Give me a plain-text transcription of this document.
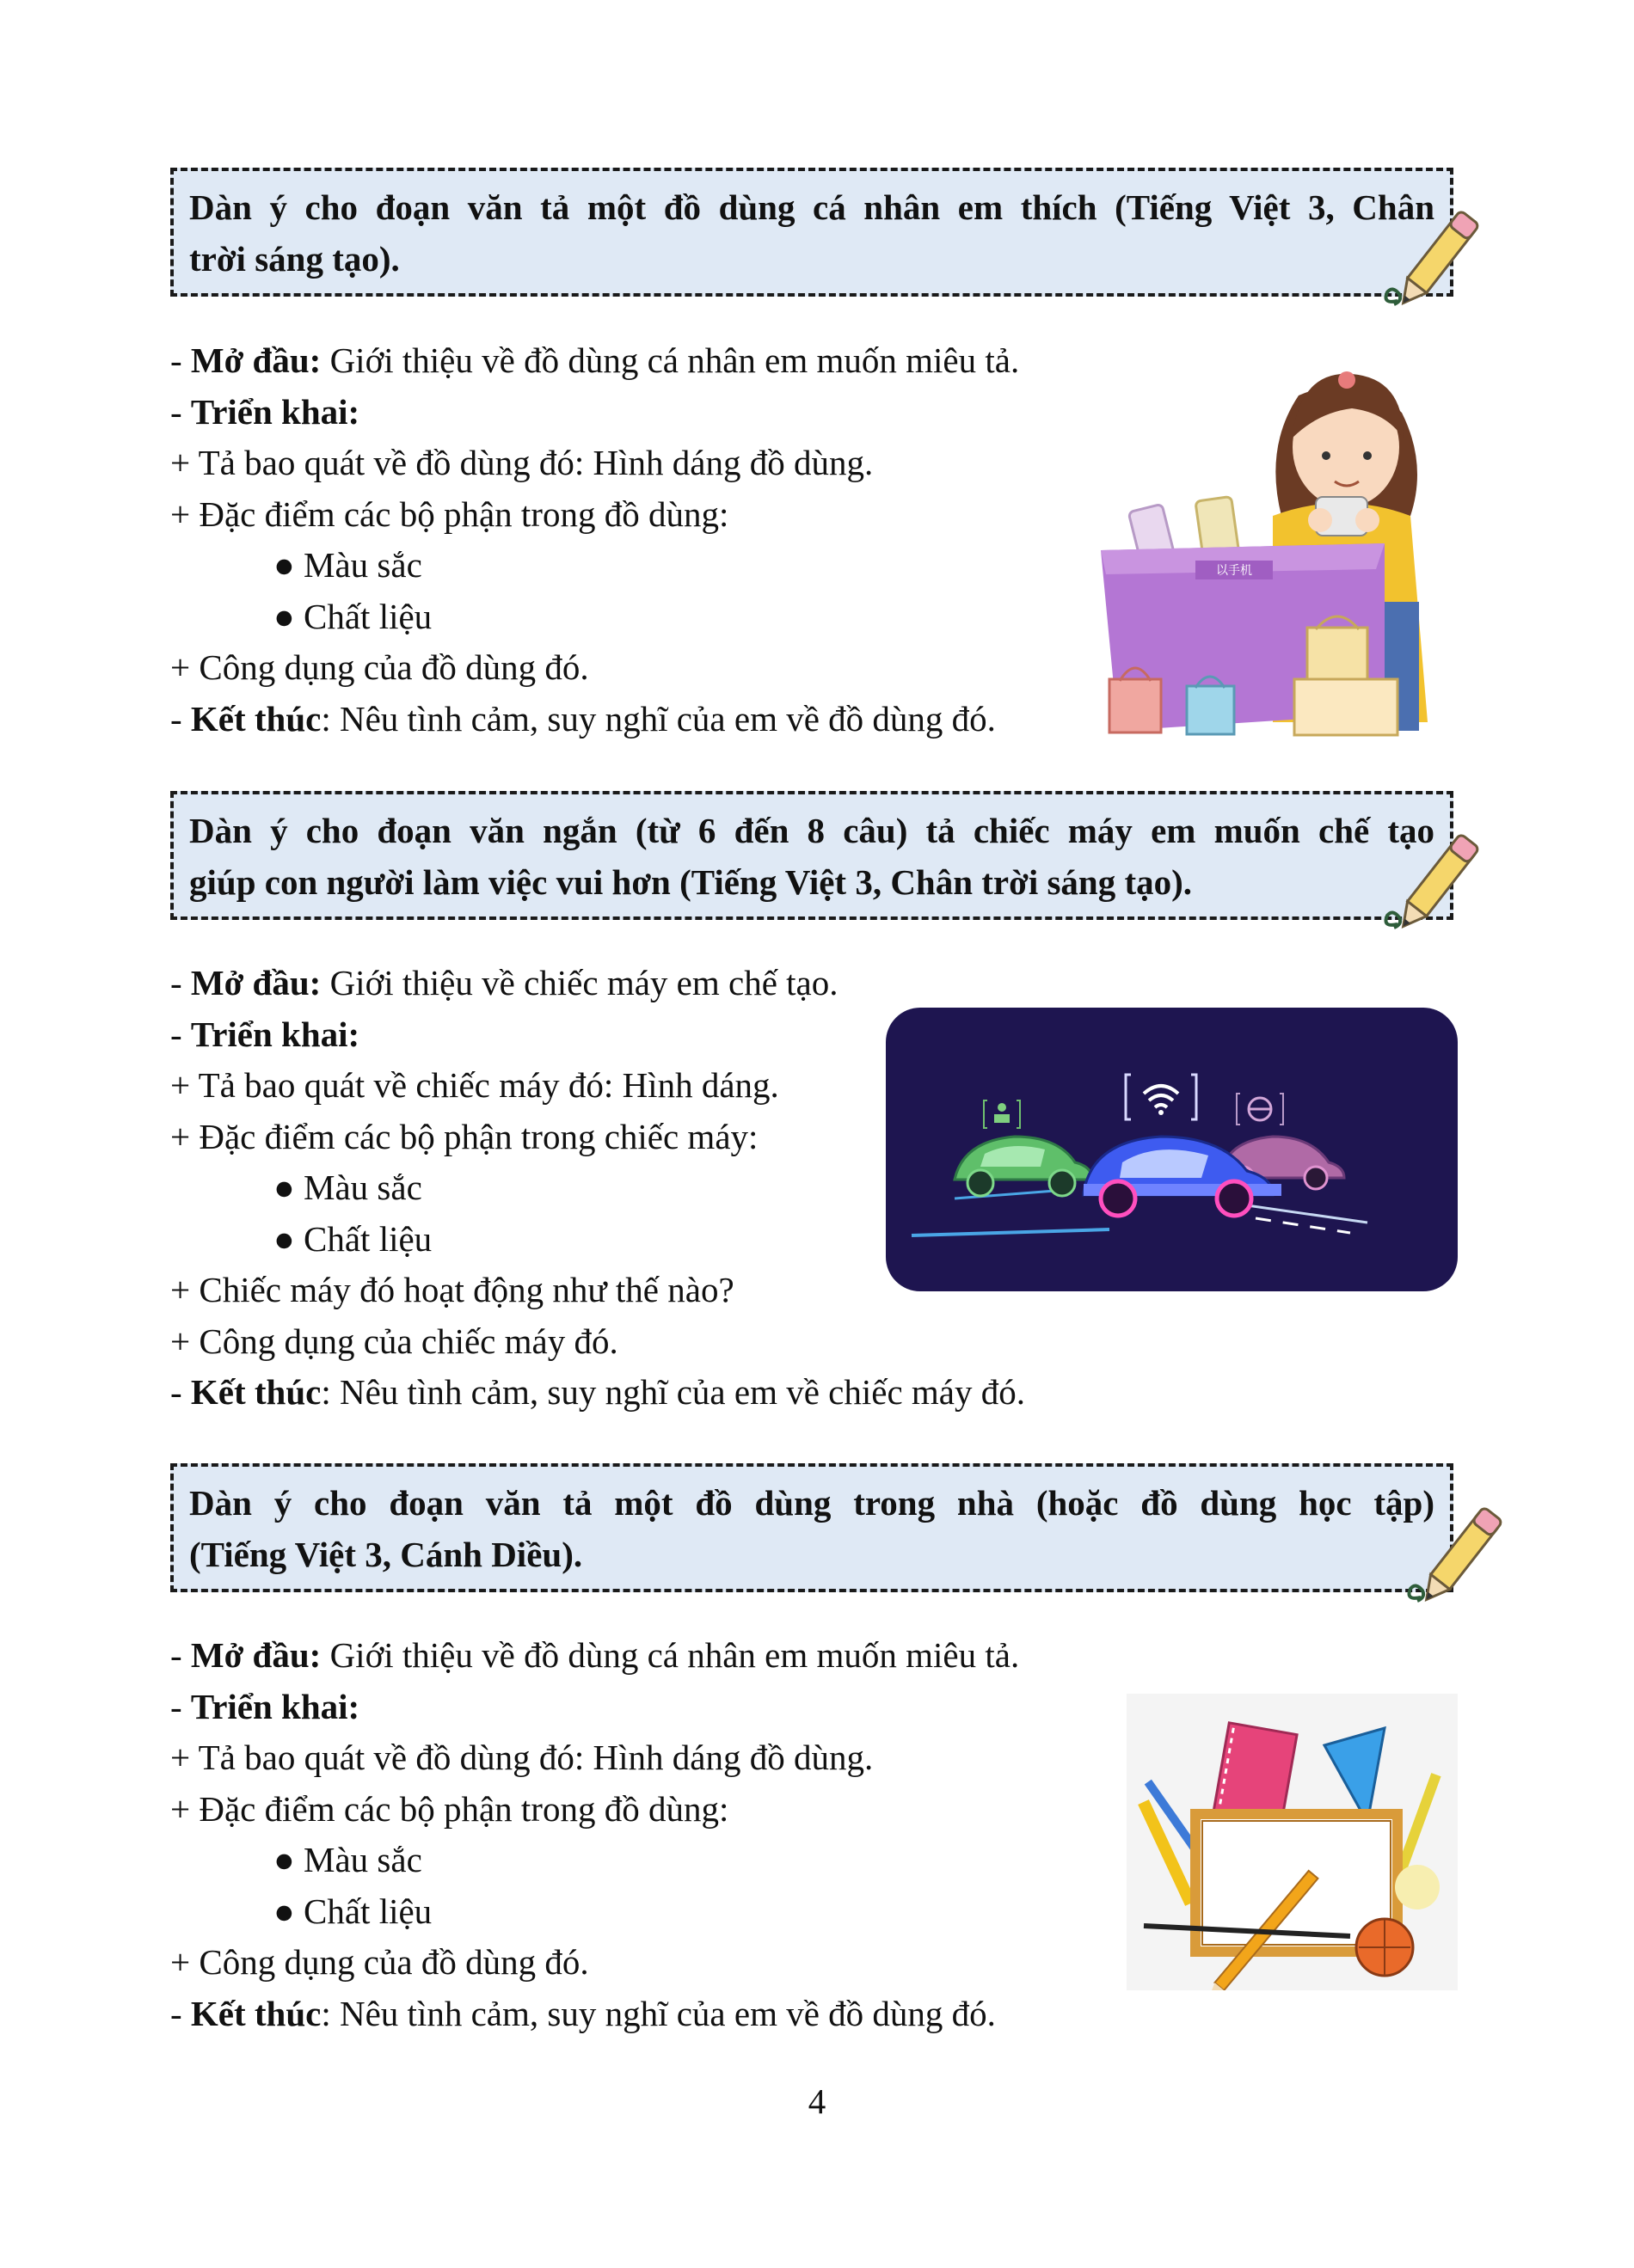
Dàn ý cho đoạn văn tả một đồ dùng cá nhân em thích (Tiếng Việt 3, Chân
trời sáng tạo).
- Mở đầu: Giới thiệu về đồ dùng cá nhân em muốn miêu tả.
- Triển khai:
+ Tả bao quát về đồ dùng đó: Hình dáng đồ dùng.
+ Đặc điểm các bộ phận trong đồ dùng:
● Màu sắc
● Chất liệu
+ Công dụng của đồ dùng đó.
- Kết thúc: Nêu tình cảm, suy nghĩ của em về đồ dùng đó.
以手机
Dàn ý cho đoạn văn ngắn (từ 6 đến 8 câu) tả chiếc máy em muốn chế tạo
giúp con người làm việc vui hơn (Tiếng Việt 3, Chân trời sáng tạo).
- Mở đầu: Giới thiệu về chiếc máy em chế tạo.
- Triển khai:
+ Tả bao quát về chiếc máy đó: Hình dáng.
+ Đặc điểm các bộ phận trong chiếc máy:
● Màu sắc
● Chất liệu
+ Chiếc máy đó hoạt động như thế nào?
+ Công dụng của chiếc máy đó.
- Kết thúc: Nêu tình cảm, suy nghĩ của em về chiếc máy đó.
Dàn ý cho đoạn văn tả một đồ dùng trong nhà (hoặc đồ dùng học tập)
(Tiếng Việt 3, Cánh Diều).
- Mở đầu: Giới thiệu về đồ dùng cá nhân em muốn miêu tả.
- Triển khai:
+ Tả bao quát về đồ dùng đó: Hình dáng đồ dùng.
+ Đặc điểm các bộ phận trong đồ dùng:
● Màu sắc
● Chất liệu
+ Công dụng của đồ dùng đó.
- Kết thúc: Nêu tình cảm, suy nghĩ của em về đồ dùng đó.
4
